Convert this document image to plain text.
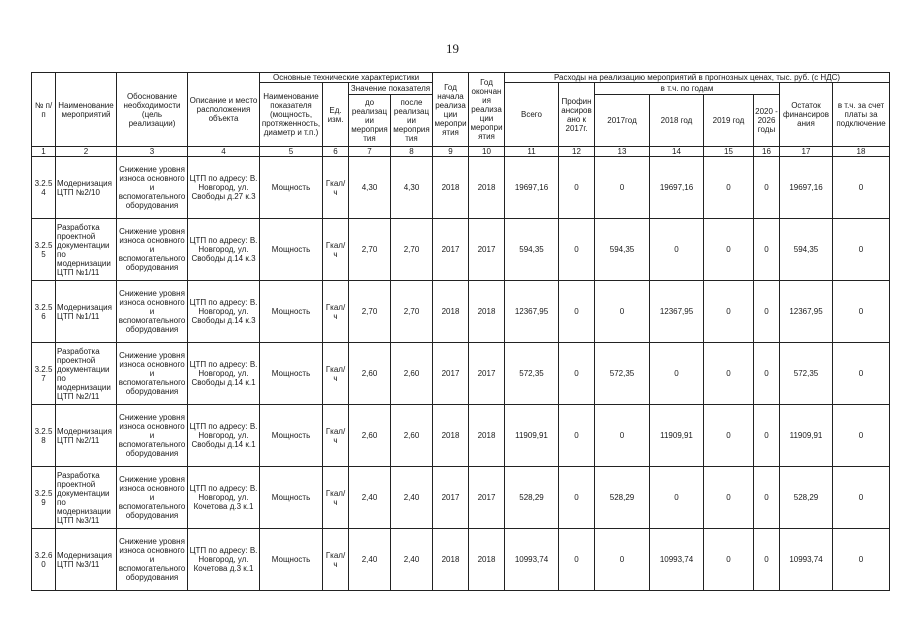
19
№ п/п	Наименование мероприятий	Обоснование необходимости (цель реализации)	Описание и место расположения объекта	Основные технические характеристики				Год начала реализации мероприятия	Год окончания реализации мероприятия	Расходы на реализацию мероприятий в прогнозных ценах, тыс. руб. (с НДС)							
				Наименование показателя (мощность, протяженность, диаметр и т.п.)	Ед. изм.	Значение показателя				Всего	Профинансировано к 2017г.	в т.ч. по годам				Остаток финансирования	в т.ч. за счет платы за подключение
						до реализации мероприятия	после реализации мероприятия					2017год	2018 год	2019 год	2020 - 2026 годы		
1	2	3	4	5	6	7	8	9	10	11	12	13	14	15	16	17	18
3.2.54	Модернизация ЦТП №2/10	Снижение уровня износа основного и вспомогательного оборудования	ЦТП по адресу: В. Новгород, ул. Свободы д.27 к.3	Мощность	Гкал/ч	4,30	4,30	2018	2018	19697,16	0	0	19697,16	0	0	19697,16	0
3.2.55	Разработка проектной документации по модернизации ЦТП №1/11	Снижение уровня износа основного и вспомогательного оборудования	ЦТП по адресу: В. Новгород, ул. Свободы д.14 к.3	Мощность	Гкал/ч	2,70	2,70	2017	2017	594,35	0	594,35	0	0	0	594,35	0
3.2.56	Модернизация ЦТП №1/11	Снижение уровня износа основного и вспомогательного оборудования	ЦТП по адресу: В. Новгород, ул. Свободы д.14 к.3	Мощность	Гкал/ч	2,70	2,70	2018	2018	12367,95	0	0	12367,95	0	0	12367,95	0
3.2.57	Разработка проектной документации по модернизации ЦТП №2/11	Снижение уровня износа основного и вспомогательного оборудования	ЦТП по адресу: В. Новгород, ул. Свободы д.14 к.1	Мощность	Гкал/ч	2,60	2,60	2017	2017	572,35	0	572,35	0	0	0	572,35	0
3.2.58	Модернизация ЦТП №2/11	Снижение уровня износа основного и вспомогательного оборудования	ЦТП по адресу: В. Новгород, ул. Свободы д.14 к.1	Мощность	Гкал/ч	2,60	2,60	2018	2018	11909,91	0	0	11909,91	0	0	11909,91	0
3.2.59	Разработка проектной документации по модернизации ЦТП №3/11	Снижение уровня износа основного и вспомогательного оборудования	ЦТП по адресу: В. Новгород, ул. Кочетова д.3 к.1	Мощность	Гкал/ч	2,40	2,40	2017	2017	528,29	0	528,29	0	0	0	528,29	0
3.2.60	Модернизация ЦТП №3/11	Снижение уровня износа основного и вспомогательного оборудования	ЦТП по адресу: В. Новгород, ул. Кочетова д.3 к.1	Мощность	Гкал/ч	2,40	2,40	2018	2018	10993,74	0	0	10993,74	0	0	10993,74	0
